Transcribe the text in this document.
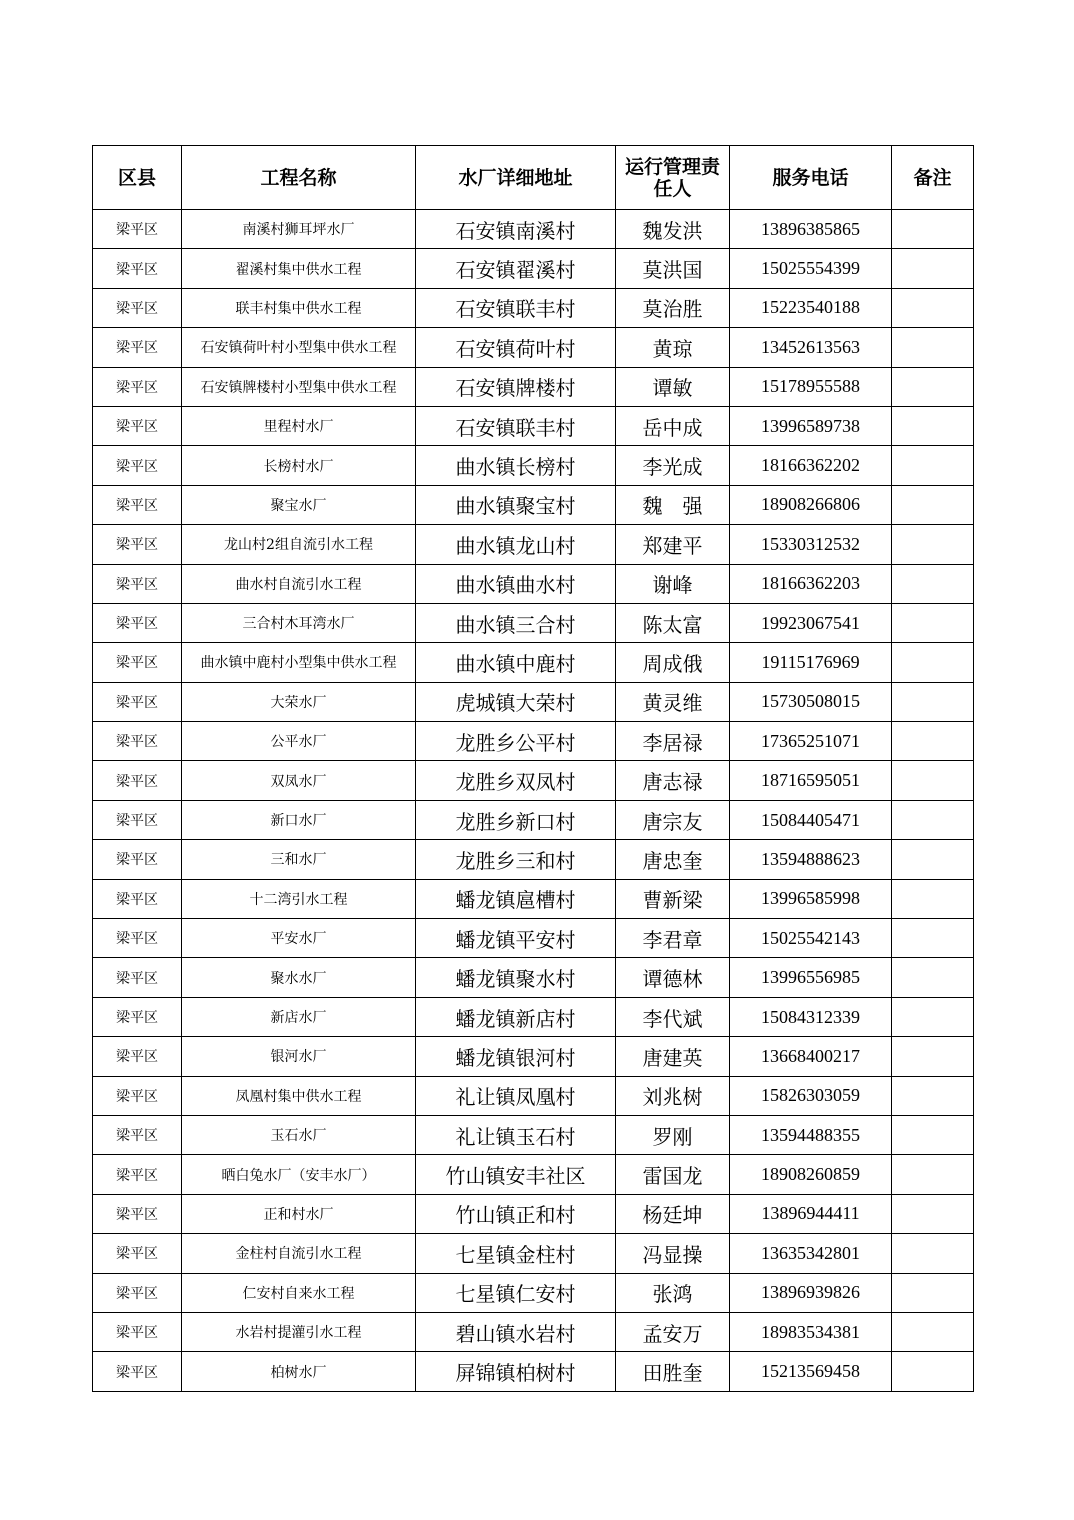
区县	工程名称	水厂详细地址	运行管理责任人	服务电话	备注
梁平区	南溪村狮耳坪水厂	石安镇南溪村	魏发洪	13896385865	
梁平区	翟溪村集中供水工程	石安镇翟溪村	莫洪国	15025554399	
梁平区	联丰村集中供水工程	石安镇联丰村	莫治胜	15223540188	
梁平区	石安镇荷叶村小型集中供水工程	石安镇荷叶村	黄琼	13452613563	
梁平区	石安镇牌楼村小型集中供水工程	石安镇牌楼村	谭敏	15178955588	
梁平区	里程村水厂	石安镇联丰村	岳中成	13996589738	
梁平区	长榜村水厂	曲水镇长榜村	李光成	18166362202	
梁平区	聚宝水厂	曲水镇聚宝村	魏　强	18908266806	
梁平区	龙山村2组自流引水工程	曲水镇龙山村	郑建平	15330312532	
梁平区	曲水村自流引水工程	曲水镇曲水村	谢峰	18166362203	
梁平区	三合村木耳湾水厂	曲水镇三合村	陈太富	19923067541	
梁平区	曲水镇中鹿村小型集中供水工程	曲水镇中鹿村	周成俄	19115176969	
梁平区	大荣水厂	虎城镇大荣村	黄灵维	15730508015	
梁平区	公平水厂	龙胜乡公平村	李居禄	17365251071	
梁平区	双凤水厂	龙胜乡双凤村	唐志禄	18716595051	
梁平区	新口水厂	龙胜乡新口村	唐宗友	15084405471	
梁平区	三和水厂	龙胜乡三和村	唐忠奎	13594888623	
梁平区	十二湾引水工程	蟠龙镇扈槽村	曹新梁	13996585998	
梁平区	平安水厂	蟠龙镇平安村	李君章	15025542143	
梁平区	聚水水厂	蟠龙镇聚水村	谭德林	13996556985	
梁平区	新店水厂	蟠龙镇新店村	李代斌	15084312339	
梁平区	银河水厂	蟠龙镇银河村	唐建英	13668400217	
梁平区	凤凰村集中供水工程	礼让镇凤凰村	刘兆树	15826303059	
梁平区	玉石水厂	礼让镇玉石村	罗刚	13594488355	
梁平区	晒白兔水厂（安丰水厂）	竹山镇安丰社区	雷国龙	18908260859	
梁平区	正和村水厂	竹山镇正和村	杨廷坤	13896944411	
梁平区	金柱村自流引水工程	七星镇金柱村	冯显操	13635342801	
梁平区	仁安村自来水工程	七星镇仁安村	张鸿	13896939826	
梁平区	水岩村提灌引水工程	碧山镇水岩村	孟安万	18983534381	
梁平区	柏树水厂	屏锦镇柏树村	田胜奎	15213569458	
